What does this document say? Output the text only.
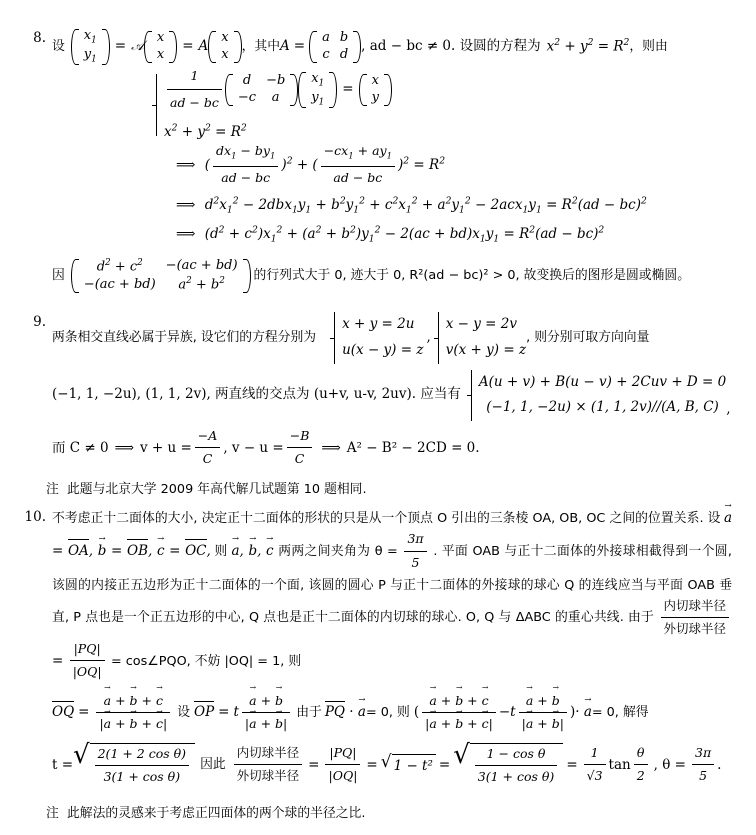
8.
设
$x_1$
$y_1$
= 𝒜
x
x
= A
x
x
，其中 A =
a	b
c	d
, ad − bc ≠ 0. 设圆的方程为 $x^2 + y^2 = R^2$ ，则由
$\frac{1}{ad - bc}$ d	−b
−c	a
$x_1$
$y_1$
=
x
y
$x^2 + y^2 = R^2$
⟹ ( $\frac{dx_1 - by_1}{ad - bc} )^2$ + ( $\frac{-cx_1 + ay_1}{ad - bc} )^2 = R^2$
⟹ $d^2x_1^2 - 2dbx_1y_1 + b^2y_1^2 + c^2x_1^2 + a^2y_1^2 - 2acx_1y_1 = R^2(ad - bc)^2$
⟹ $(d^2 + c^2)x_1^2 + (a^2 + b^2)y_1^2 - 2(ac + bd)x_1y_1 = R^2(ad - bc)^2$
因
$d^2 + c^2$	−(ac + bd)
−(ac + bd)	$a^2 + b^2$ 的行列式大于 0, 迹大于 0, R²(ad − bc)² > 0, 故变换后的图形是圆或椭圆。
9.
两条相交直线必属于异族, 设它们的方程分别为
x + y = 2u
u(x − y) = z
,
x − y = 2v
v(x + y) = z
, 则分别可取方向向量
(−1, 1, −2u), (1, 1, 2v), 两直线的交点为 (u+v, u-v, 2uv). 应当有
A(u + v) + B(u − v) + 2Cuv + D = 0
(−1, 1, −2u) × (1, 1, 2v)//(A, B, C) ,
而 C ≠ 0 ⟹ $v + u = \frac{-A}{C}$ , $v - u = \frac{-B}{C}$ ⟹ A² − B² − 2CD = 0.
注 此题与北京大学 2009 年高代解几试题第 10 题相同.
10. 不考虑正十二面体的大小, 决定正十二面体的形状的只是从一个顶点 O 引出的三条棱 OA, OB, OC 之间的位置关系. 设 a → = OA, b → = OB, c → = OC, 则 a →, b →, c → 两两之间夹角为 $\theta = \frac{3\pi}{5}$ . 平面 OAB 与正十二面体的外接球相截得到一个圆, 该圆的内接正五边形为正十二面体的一个面, 该圆的圆心 P 与正十二面体的外接球的球心 Q 的连线应当与平面 OAB 垂直, P 点也是一个正五边形的中心, Q 点也是正十二面体的内切球的球心. O, Q 与 ΔABC 的重心共线. 由于 $\frac{\text{内切球半径}}{\text{外切球半径}}$
= $\frac{|PQ|}{|OQ|}$ = cos∠PQO, 不妨 |OQ| = 1, 则
OQ = $\frac{a \to + b \to + c \to}{|a \to + b \to + c \to|}$ 设 OP = t $\frac{a \to + b \to}{|a \to + b \to|}$ 由于 PQ · a → = 0, 则 ( $\frac{a \to + b \to + c \to}{|a \to + b \to + c \to|} - t \frac{a \to + b \to}{|a \to + b \to|}$ ) · a → = 0, 解得
t = √ $\frac{\text{2(1 + 2 cos θ)}}{\text{3(1 + cos θ)}}$ 因此 $\frac{\text{内切球半径}}{\text{外切球半径}} = \frac{|PQ|}{|OQ|}$ = √ 1 − t² = √ $\frac{\text{1 − cos θ}}{\text{3(1 + cos θ)}} = \frac{1}{√3}$ $\tan \frac{\theta}{2}$ , $\theta = \frac{3\pi}{5}$ .
注 此解法的灵感来于考虑正四面体的两个球的半径之比.
